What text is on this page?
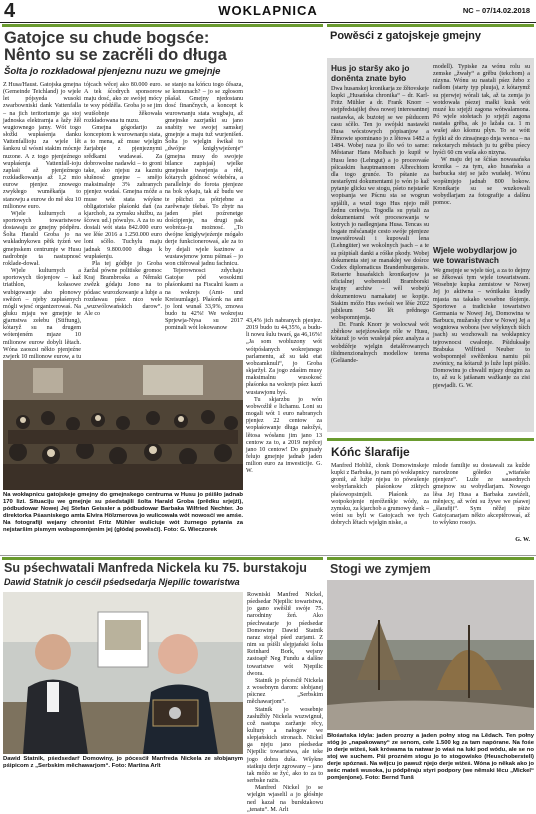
4	WOKLAPNICA	NC – 07/14.02.2018
Gatojce su chude bogsće:
Nênto su se zacrěli do długa
Šolta jo rozkładował pjenjeznu nuzu we gmejnje

Z Husa/Haust. Gatojska gmejna (Gemeinde Teichland) jo wjele let pójsyeda wusoki zwarbowniski dank Vattenfalla – na jich teritoriumje ga stoj jadnoska elektrarnja a łažy žěł wugtownego jamy. Wót togo słožki wupłaśenja danku Vattenfallioju za wjele lět šankou ul wósni stakim mócnje nuzone. A z togo pjenjeźnego wupłaśenja Vattenfall-ioju zaplaśi až pjenjeźnego rozkładkowanja až 1,2 mio eurow pjenjez znowego zwykłego wuměkańja to stanowju a eurow do mě sku 10 milionow euro.

Wjele kulturnych a sportowych towaristwow dostawaju ze gmejny pódpěru. Šolta Harald Groba jo na wukładnykowu pětk tyźeń we gmejnskem centrumje w Husu nadrobnje ta nastupnosć roklade-dował.

Wjele kulturnych a sportowych tšojenjow – kaž triathlon, kołasowe wubigowanje abo płonowy swěźeń – njeby zapłaśenych mógli wjesć organizerowaś. Na głuku mjaju we gmejnje te gjarnstwa zełebu (Stiftung), kótaryž su na drugem wótenjeném mjaze 10 milionow eurow dobyli lětach. Wóna zaoszsi někto pjenjeźne zwjerk 10 milionow eurow, a tu

tójcach wěcej ako 80.000 euro. A tek śćodrych sponsorow maju dosć, ako ze swójej mócy te wsy pódźěla. Groba jo se jim wutšobnje žěkowała rozkładowana tu nuzu.

Gmejna gógodarijo za konceptom k wurownanju stata, a to mena, až muse wjelgin žarjabnje z pjenjeznymi srědkami wudawaś. Za dobrowolne nadawki – to groni take, ako njejsu za kazniu słušnosć gmejne – smějo maksimalnje 3% zahranych pjenjez wudaś. Gmejna móže a muse wót stata wśykne obligatoriske płaśonki dań (za kjarchob, za zymsku słužbu, za šćowu ud.) pówulys. A za to su dostali wót stata 842.000 euro we lěśe 2016 a 1.250.000 euro loni sćělo. Tuchylu maju jadnak 9.800.000 długa k wupłaśenju.

Pla tej gódbje jo Groba žaržal pówne politiske gromoc Kraj Brambroska a Němski zwězk gódaju Jono na to pódasc wurozkowanje a lubje a rozdawau pśez nico wele „wuzwólowańskich darow“. Ale co

se stanjo na kóńcu togo ćěsaza, se komunach? – jo se zgłosom pšašał. Gmejny njedostanu dosć finančnych, a koncept k wurownanju stata wugbaju, až gmejnske zazrjańki su jano snabity we swojej samskej gmejnje a maju tuž wurjenišeń. Šolta jo wjelgin šwikał to „dwójne knigływjeźenje“ (gmejna musy do swojeje bilance zapisjaś) wjelke gmejnske twarjenja a rěd, kótarych gódnosć wótebéra, a parallelnje do forota pjenjeze na bok sykaju, tak až budu we te pšicbzi za pótrjebne a zarěwnaje tšebaś. To zbytr na jaden pšet poźrenetge dościpjenje, na drugi pak wobréza-ju możnosć. „To dwójne knigływjeźenje mógało derje funkcionerowaś, ale za to by dejali wjele kazinow a wustawjenow jomu pśimaś – jo won citěrował jadnu fachnicu.

Tejerownosci zdychaju Gatojse pód wosokimi płaśonkami na Fiscalni kasm a na wokrejs (Amt- und Kreisumlage). Płaśonk na amt jo loni wunaš 33,9%, zmowa budo tu 42%! We wokrejsu Sprjewja-Nysa su 2017 pominali wót lokowanow

43,4% jich nabranych pjenjez. 2019 budo tu 44,35%, a budu-li nowu šulu twarś, ga 46,16%! „Ja som wobluzony wót wótpósłanych wokrejsnego parlamentu, až su taki etat wobzamknuli“, jo Groba skjaržył. Za jogo zdaśim musy maksimalnu wusokosć płaśonka na wokrejs pśez kazń wustawjonu byś.

Tu skjarzbu jo wón wobwoźlił e lichamu. Loni su mogali wót 1 euro nabranych pjenjez 22 centow za wopłaśowanje długa nałožyś, lětosa wósłanu jim jano 13 centow za to, a 2019 nejrěcej jano 10 centow! Do gmjnady felujo gmejnje jadnab jaden milion euro za inwesticije. G. W.

Na wokłapnicu gatojskeje gmejny do gmejnskego centruma w Husu jo pśišło jadnab 170 lizi. Situaciju we gmejnje su pśedstajili šolta Harald Groba (prědku srjejźi), pódbudowar Nowej Jej Stefan Geissler a pódbudowar Barbaka Wilfried Nechter. Jo direktorka Pśasniskego amta Elvira Hölzmerova jo wulicowała wót nowosćí we amśe. Na fotografiji wejany chronist Fritz Mühler wuliciuje wót žurnego pytania za nejstaršim pismym wobspomnjenim jej (głódaj powěsći). Foto: G. Wieczorek
Powěsći z gatojskeje gmejny
Hus jo staršy ako jo doněnta znate było

Dwa husanskej kronikarja ze žětovskeje kupki „Husańska chronika“ – dr. Karl-Fritz Mühler a dr. Frank Knorr – stejpředstajiłej dwa nowej interesantnej nastawka, ak bużotej se we pśiducem casu sćělo. Ten jo swójski nastawki Husa wócstowych pópisanjow a žěmowie spominano jo z lětowa 1482 a 1484. Wobej raza jo šlo wó to same: Městanar Hans Molbach jo kupił w Husu leno (Lehngut) a jo proceovaśe pśicaskim hauptmannom Albrechtom dla togo grunće. To pśtanie za nestaršymi dokumentami jo wón jo kaž pytanje glicku we stogu, pśeto nejstarše wopisanja we Pścnu sta se wogrun spjálili, a wuzł togo Hus njejo měł žednu cerkwju. Togodla su pytali za dokumentami wót procesowanja w kotrych jo nadlegnjana Husa. Tencas su bogate měsćanatje cesto swóje pjenjeze inwestěrowali i kupowali lena (Lehngüter) we wokolnych jsach – a te su pśipiśali danki a róške pkody. Wobej dokumenta stej se manakłej we dośrce Codex diplomaticus Brandenburgensis. Reiserte husańskich kronikarjow ja oficialnej wobenstell Bramborski krajny archiw – wěl wobejú dokumentowu namakatej se kopije. Stakim móžo Hus swósśi we lěśe 2022 jubileum 540 lět prědnego wobspomnjenja.

Dr. Frank Knorr je wolocwał wót zběrkow sejejźowskeje róle w Husu, kótaraž jo wón wusłejał pśez analyza a wobdźěrje wjelgin detalěrowanych tšidmenzionalnych modellow terena (Geläande-

modell). Typiske za wónu rolu su zemske „žwały“ a grěbu (tekchom) a nizyna. Wónu su nastali pśez žebo z radlom (starty typ pluuja), z kótarymž su pjerwjej wórali tak, až ta zemja jo wotdowała pśezej małki kusk wót muzé ku srjejźi zagona wótwalamona. Pó wjele stołetach jo srjejźi zagona nastała grěba, ak jo lažała ca. 1 m wušej ako kšomu plyn. To se wótt fyjiki až do zinsajnego dnja wenca – na nekotarych městach ju tu grěbu pśecy hyśći 60 cm wuša ako nizyna.

W maju dej se šćiśas nowasańska kronika – za tym, ako husańska a barbucka stej se jažo wudałej. Wónu wopśimjejo jadnab 800 bokow. Kronikarje su se wuzkowali wobydlarjam za fotografije a dalšnu pomoc.

Wjele wobydlarjow jo we towaristwach

We gmejnje se wjele tśoj, a za to dejmy se žěkowaś tym wjele towaristwam. Wosebnje kupka zemistow w Nowej Jej jo aktiwna – wónikaku kradły mjasta na takako wosebne tšojenje. Sportowe a tradiciske towaristwo Germania w Nowej Jej, Domowina w Barbucu, mužarsky chor w Nowej Jej a wogniowa wobora (we wšyknych tśich jsach) su wozhowali na wokłapnicy tejrownocsi cwałonje. Pśiduksałje Brabuka Wilfried Neuber to wobspomnjeł swěženksu namiu pśi zwónicy, na kótaruž jo luže lupi pśišło. Domowinu jo chwalil mjazy drugim za to, až su k jatšanam wažkanje za zisi pjewjadli. G. W.

Kóńc šlarafije

Manfred Hobliž, cłonk Domowinskeje kupki z Barbuka, jo nam pó wokłapnicy gronił, až lužje njejsu to pówušenje wobyrlanskich płaśonkow ziktych płaśowopsimjeli. Płaśonk za wotpokojenje njeréžeńkje wódy, za zymsku, za kjarchob a grumowy dank – wóni su byli w Gatojcach we tych dobrych lětach wjelgin niske, a

mlode familije su dostawali za kužde narodzone gółetko „witańske pjenjeze“. Luže ze sausednych gmejnow su wobydlarjam. Nowego lěsa Jej Husa a Barbaka zawiźeli, měnjecy, až wóni su žywe we pśawej „šlarafiji“. Sym něžej pśiże Gatojcanarjam někto akceptěrowaś, až to wšykno rosojo.

G. W.
Su pśechwatali Manfreda Nickela ku 75. burstakoju
Dawid Statnik jo cesćił pśedsedarja Njepilic towaristwa
Dawid Statnik, pśedsedarř Domowiny, jo pócesćił Manfreda Nickela ze słobjanym pśipicom z „Serbskim měchawarjom“. Foto: Martina Arlt

Rowniski Manfred Nickel, pśedsedar Njepilic towaristwa, jo gano swěślił swóje 75. narodniny žeń. Ako pśechwatarje jo pśedsedar Domowiny Dawid Statnik naraz stojał pśed zurjami. Z nim su pśišli slejpjański šolta Reinhard Bork, wejsny zastoapř Neg Fundu a dalšne towaristwe wót Njepilic dwora.

Statnik jo pócesćił Nickela z wosebnym darom: słobjanej pśicnez „Serbskim měchawarjom“.

Statnik jo wosebnje zasłužbly Nickela wuzwignuł, což nastupa zaržanje rěcy, kultury a nałogow we slepjańskich stronach. Nickel ga njeju jano pśedsedar Njepilic towaristwa, ale teke jogo dobra duša. Wšykne statkuju derje zgrowany – jano tak móžo se žyć, ako to za to serbske rażis.

Manfred Nickel jo se wjelgin wjaselil a jo głósłnje ned kazał na bursktakowu „tenatu“. M. Arlt

Stogi we zymjem
Błośańska idyla: jaden prozny a jaden połny stog na Lědach. Ten połny stóg jo „napakowany“ ze senom, cełe 1.500 kg za tam napórane. Na fośe jo derje wiźeś, kak krówama ta natwar jo wiaś na luki pod wódu, ale se no stoj we suchem. Pśi prozném stogu jo to stogowisko (Heuschoberstell) derje spóznaś. Na wějcu jo pawuž njejo derje wiźeś. Wóna jo někak ako jo seśc mateš wusoka, ju pódpěraju styri podpory (we němski lěcu „Mickel“ pomjenjone). Foto: Bernd Tunš
